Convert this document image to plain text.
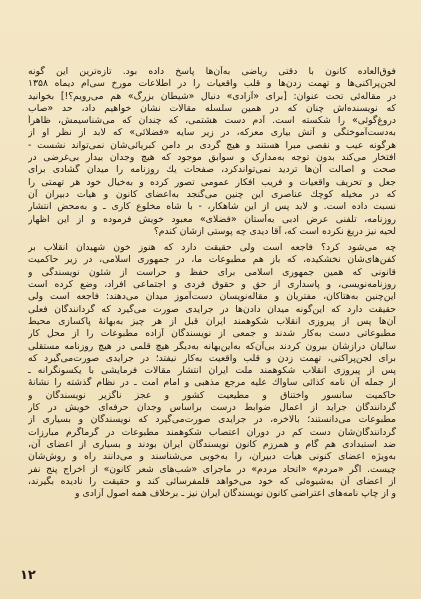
فوق‌العاده کانون با دقتی ریاضی به‌آن‌ها پاسخ داده بود. تازه‌ترین این گونه
لجن‌پراکنی‌ها و تهمت زدن‌ها و قلب واقعیات را در اطلاعات مورخ سی‌ام دیماه ۱۳۵۸
در مقاله‌ئی تحت عنوان: [برای «آزادی» دنبال «شیطان بزرگ» هم می‌رویم؟!] بخوانید
که نویسنده‌اش چنان که در همین سلسله مقالات نشان خواهیم داد، حد «صاب
دروغ‌گوئی» را شکسته است. آدم دست هشتمی، که چندان که می‌شناسیمش، ظاهراً
به‌دست‌آموختگی و آتش بیاری معرکه، در زیر سایه «فضلائی» که لابد از نظر او از
هرگونه عیب و نقصی مبرا هستند و هیچ گردی بر دامن کبریائی‌شان نمی‌تواند نشست -
افتخار می‌کند بدون توجه به‌مدارک و سوابق موجود که هیچ وجدان بیدار بی‌غرضی در
صحت و اصالت آن‌ها تردید نمی‌تواندکرد، صفحات یك روزنامه را میدان گشادی برای
جعل و تحریف واقعیات و فریب افکار عمومی تصور کرده و به‌خیال خود هر تهمتی را
که در مخیله کوچك عناصری این چنین می‌گنجد به‌اعضای کانون و هیأت دبیران آن
نسبت داده است. و لابد پس از این شاهکار، - با شاه مخلوع کاری ـ و به‌محض انتشار
روزنامه، تلفنی عرض ادبی به‌آستان «فضلای» معبود خویش فرموده و از این اظهار
لحیه نیز دریغ نکرده است که، آقا دیدی چه پوستی ازشان کندم؟
چه می‌شود کرد؟ فاجعه است ولی حقیقت دارد که هنوز خون شهیدان انقلاب بر
کفن‌های‌شان نخشکیده، که باز هم مطبوعات ما، در جمهوری اسلامی، در زیر حاکمیت
قانونی که همین جمهوری اسلامی برای حفظ و حراست از شئون نویسندگی و
روزنامه‌نویسی، و پاسداری از حق و حقوق فردی و اجتماعی افراد، وضع کرده است
این‌چنین به‌هتاکان، مفتریان و مقاله‌نویسان دست‌آموز میدان می‌دهند: فاجعه است ولی
حقیقت دارد که این‌گونه میدان دادن‌ها در جرایدی صورت می‌گیرد که گردانندگان فعلی
آن‌ها پس از پیروزی انقلاب شکوهمند ایران قبل از هر چیز به‌بهانهٔ پاکسازی محیط
مطبوعاتی دست به‌کار شدند و جمعی از نویسندگان آزاده مطبوعات را از محل کار
سالیان درازشان بیرون کردند بی‌آن‌که به‌این‌بهانه به‌دیگر هیچ قلمی در هیچ روزنامه مستقلی
برای لجن‌پراکنی، تهمت زدن و قلب واقعیت به‌کار نیفتد؛ در جرایدی صورت‌می‌گیرد که
پس از پیروزی انقلاب شکوهمند ملت ایران انتشار مقالات فرمایشی با یکسونگرانه ـ
از جمله آن نامه کذائی ساواك علیه مرجع مذهبی و امام امت ـ در نظام گذشته را نشانهٔ
حاکمیت سانسور واختناق و مطیعیت کشور و عجز نا‌گزیر نویسندگان و
گردانندگان جراید از اعمال ضوابط درست براساس وجدان حرفه‌ای خویش در کار
مطبوعات می‌دانستند؛ بالاخره، در جرایدی صورت‌می‌گیرد که نویسندگان و بسیاری از
گردانندگان‌شان دست کم در دوران اعتصاب شکوهمند مطبوعات در گرماگرم مبارزات
ضد استبدادی هم گام و همرزم کانون نویسندگان ایران بودند و بسیاری از اعضای آن،
به‌ویژه اعضای کنونی هیأت دبیران، را به‌خوبی می‌شناسند و می‌دانند راه و روش‌شان
چیست. اگر «مردم» «اتحاد مردم» در ماجرای «شب‌های شعر کانون» از اخراج پنج نفر
از اعضای آن به‌شیوه‌ئی که خود می‌خواهد قلمفرسائی کند و حقیقت را نادیده بگیرند،
و از چاپ نامه‌های اعتراضی کانون نویسندگان ایران نیز ـ برخلاف همه اصول آزادی و
۱۲
